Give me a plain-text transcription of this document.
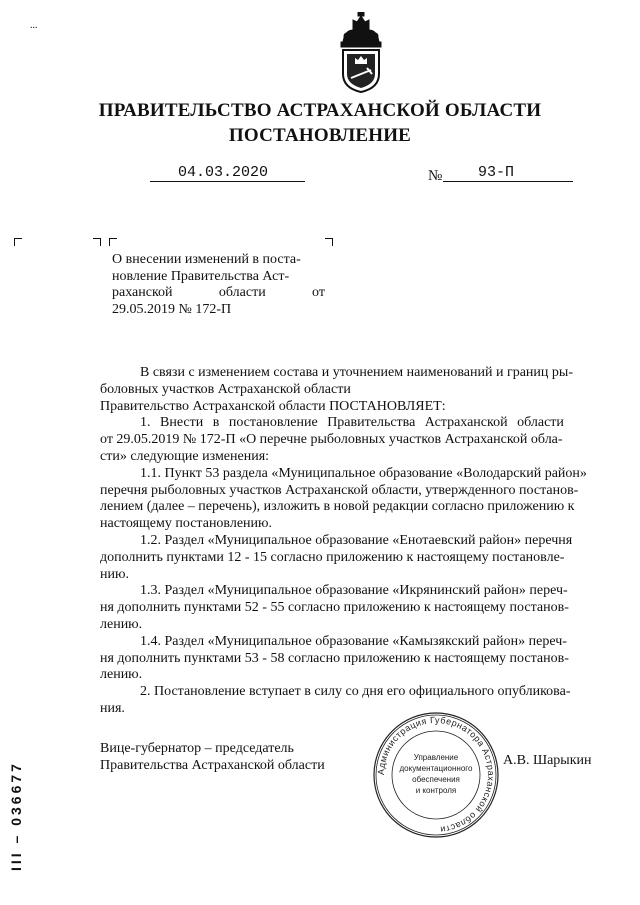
...
ПРАВИТЕЛЬСТВО АСТРАХАНСКОЙ ОБЛАСТИ
ПОСТАНОВЛЕНИЕ
04.03.2020	№ 93-П
О внесении изменений в поста-
новление Правительства Аст-
раханской	области	от
29.05.2019 № 172-П
В связи с изменением состава и уточнением наименований и границ ры-
боловных участков Астраханской области
Правительство Астраханской области ПОСТАНОВЛЯЕТ:
1. Внести в постановление Правительства Астраханской области
от 29.05.2019 № 172-П «О перечне рыболовных участков Астраханской обла-
сти» следующие изменения:
1.1. Пункт 53 раздела «Муниципальное образование «Володарский район»
перечня рыболовных участков Астраханской области, утвержденного постанов-
лением (далее – перечень), изложить в новой редакции согласно приложению к
настоящему постановлению.
1.2. Раздел «Муниципальное образование «Енотаевский район» перечня
дополнить пунктами 12 - 15 согласно приложению к настоящему постановле-
нию.
1.3. Раздел «Муниципальное образование «Икрянинский район» переч-
ня дополнить пунктами 52 - 55 согласно приложению к настоящему постанов-
лению.
1.4. Раздел «Муниципальное образование «Камызякский район» переч-
ня дополнить пунктами 53 - 58 согласно приложению к настоящему постанов-
лению.
2. Постановление вступает в силу со дня его официального опубликова-
ния.
Вице-губернатор – председатель
Правительства Астраханской области	А.В. Шарыкин
Администрация Губернатора Астраханской области
Управление
документационного
обеспечения
и контроля
III – 036677
